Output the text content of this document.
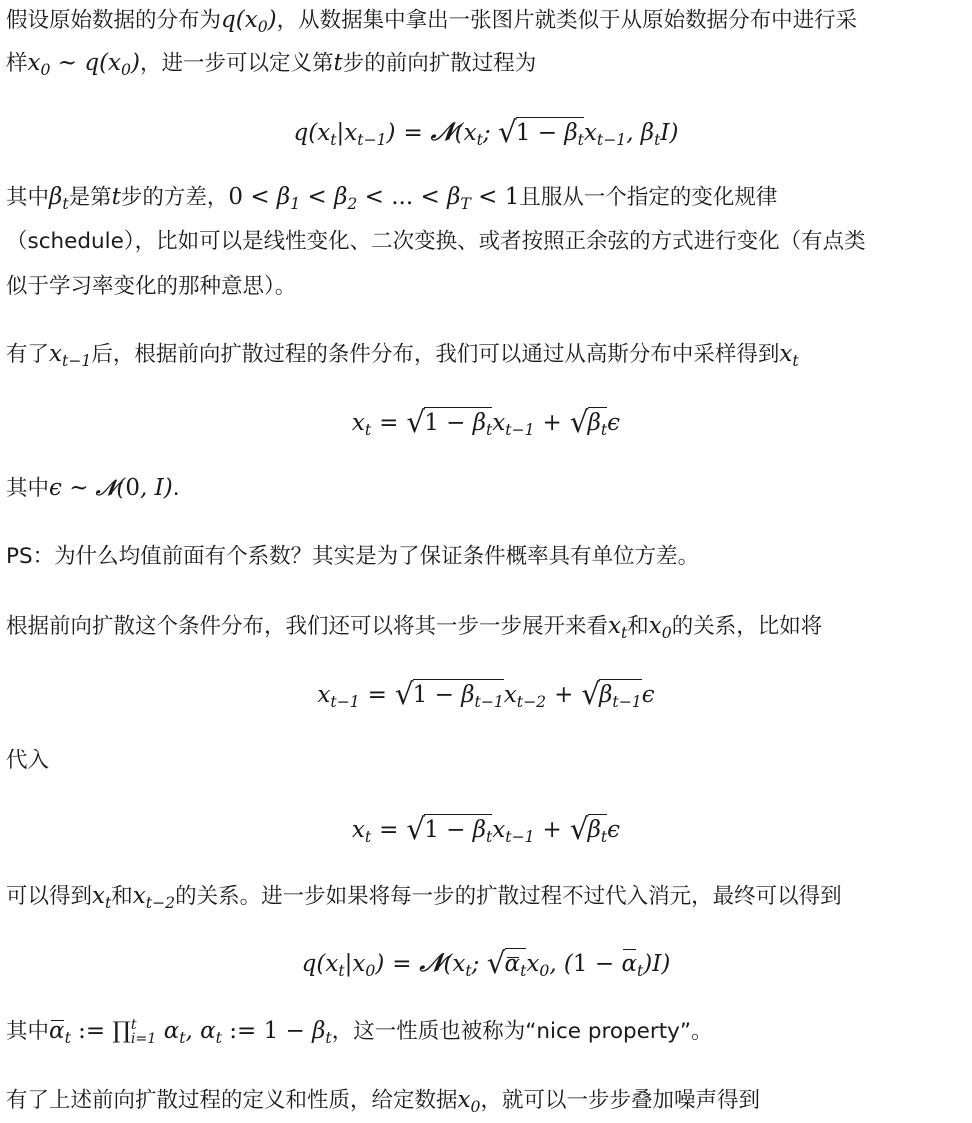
假设原始数据的分布为$q(x_0)$，从数据集中拿出一张图片就类似于从原始数据分布中进行采
样$x_0$ ~ $q(x_0)$，进一步可以定义第t步的前向扩散过程为
$q(x_t|x_{t-1})$ = $𝒩(x_t$; $√1 - \beta_tx_{t-1}$, $\beta_tI$)
其中$\beta_t$是第t步的方差，$0 < \beta_1 < \beta_2$ < ... < $\beta_T < 1$且服从一个指定的变化规律
（schedule），比如可以是线性变化、二次变换、或者按照正余弦的方式进行变化（有点类
似于学习率变化的那种意思）。
有了$x_{t-1}$后，根据前向扩散过程的条件分布，我们可以通过从高斯分布中采样得到$x_t$
$x_t = √1 - \beta_tx_{t-1} + √\beta_t\epsilon$
其中ϵ ~ 𝒩(0, I).
PS：为什么均值前面有个系数？其实是为了保证条件概率具有单位方差。
根据前向扩散这个条件分布，我们还可以将其一步一步展开来看$x_t$和$x_0$的关系，比如将
$x_{t-1} = √1 - \beta_{t-1}x_{t-2} + √\beta_{t-1}\epsilon$
代入
$x_t = √1 - \beta_tx_{t-1} + √\beta_t\epsilon$
可以得到$x_t$和$x_{t-2}$的关系。进一步如果将每一步的扩散过程不过代入消元，最终可以得到
$q(x_t|x_0)$ = $𝒩(x_t$; $√\alpha_tx_0$, $(1 - \alpha_t)I$)
其中$\alpha_t$ := ∏ t
i=1 $\alpha_t$, $\alpha_t$ := $1 - \beta_t$，这一性质也被称为“nice property”。
有了上述前向扩散过程的定义和性质，给定数据$x_0$，就可以一步步叠加噪声得到
